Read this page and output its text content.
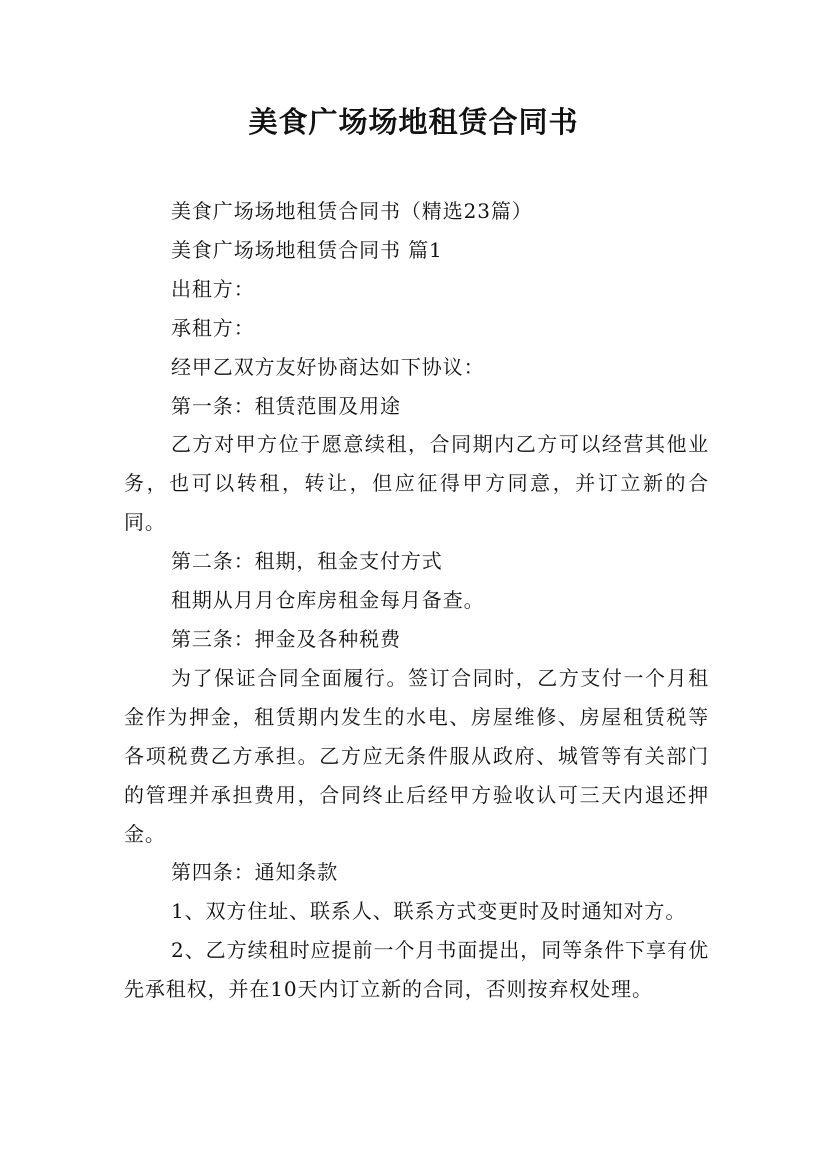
美食广场场地租赁合同书

美食广场场地租赁合同书（精选23篇）

美食广场场地租赁合同书 篇1

出租方：

承租方：

经甲乙双方友好协商达如下协议：

第一条：租赁范围及用途

乙方对甲方位于愿意续租，合同期内乙方可以经营其他业务，也可以转租，转让，但应征得甲方同意，并订立新的合同。

第二条：租期，租金支付方式

租期从月月仓库房租金每月备查。

第三条：押金及各种税费

为了保证合同全面履行。签订合同时，乙方支付一个月租金作为押金，租赁期内发生的水电、房屋维修、房屋租赁税等各项税费乙方承担。乙方应无条件服从政府、城管等有关部门的管理并承担费用，合同终止后经甲方验收认可三天内退还押金。

第四条：通知条款

1、双方住址、联系人、联系方式变更时及时通知对方。

2、乙方续租时应提前一个月书面提出，同等条件下享有优先承租权，并在10天内订立新的合同，否则按弃权处理。
